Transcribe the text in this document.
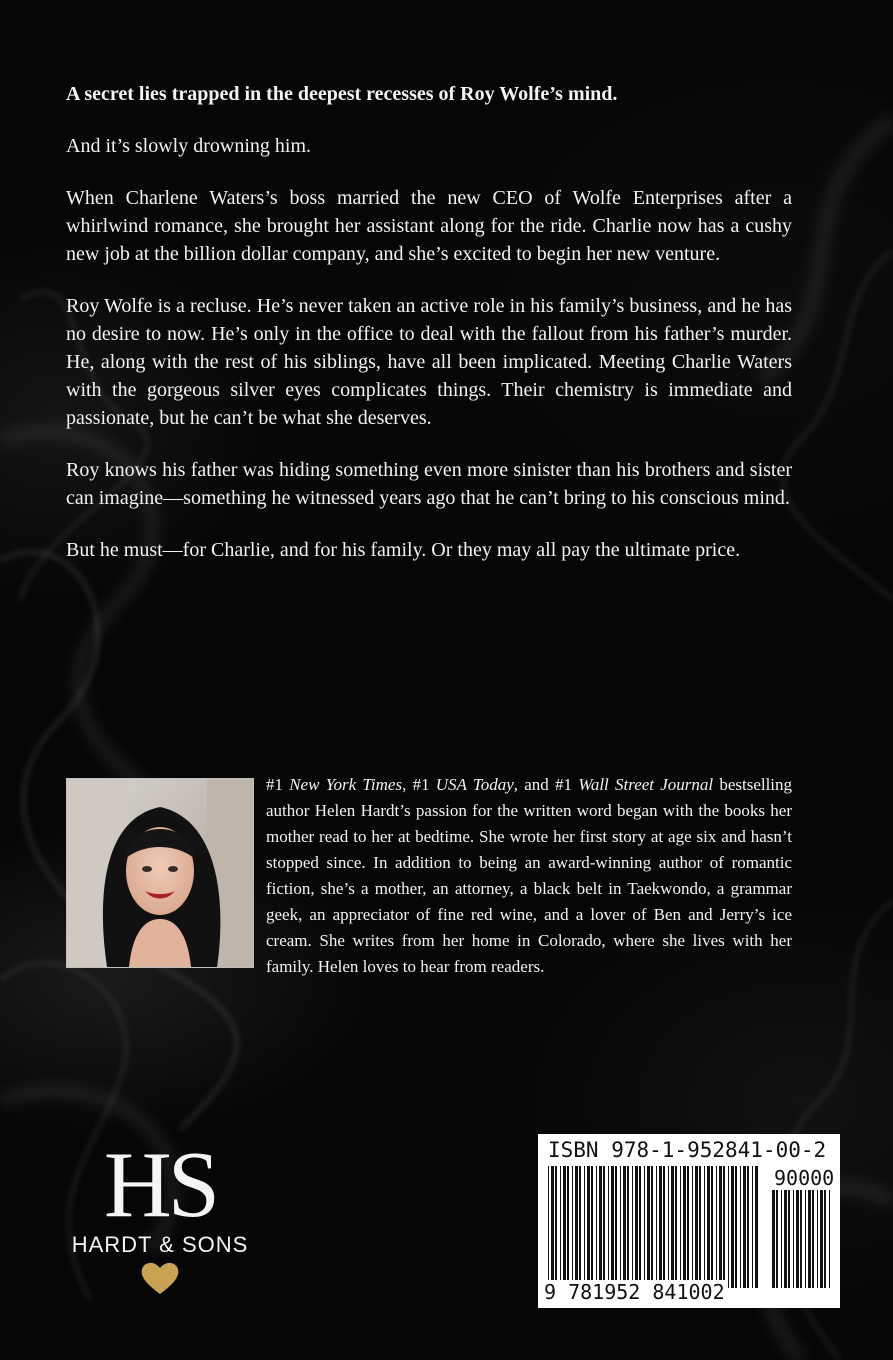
A secret lies trapped in the deepest recesses of Roy Wolfe’s mind.

And it’s slowly drowning him.

When Charlene Waters’s boss married the new CEO of Wolfe Enterprises after a whirlwind romance, she brought her assistant along for the ride. Charlie now has a cushy new job at the billion dollar company, and she’s excited to begin her new venture.

Roy Wolfe is a recluse. He’s never taken an active role in his family’s business, and he has no desire to now. He’s only in the office to deal with the fallout from his father’s murder. He, along with the rest of his siblings, have all been implicated. Meeting Charlie Waters with the gorgeous silver eyes complicates things. Their chemistry is immediate and passionate, but he can’t be what she deserves.

Roy knows his father was hiding something even more sinister than his brothers and sister can imagine—something he witnessed years ago that he can’t bring to his conscious mind.

But he must—for Charlie, and for his family. Or they may all pay the ultimate price.

#1 New York Times, #1 USA Today, and #1 Wall Street Journal bestselling author Helen Hardt’s passion for the written word began with the books her mother read to her at bedtime. She wrote her first story at age six and hasn’t stopped since. In addition to being an award-winning author of romantic fiction, she’s a mother, an attorney, a black belt in Taekwondo, a grammar geek, an appreciator of fine red wine, and a lover of Ben and Jerry’s ice cream. She writes from her home in Colorado, where she lives with her family. Helen loves to hear from readers.

HS
HARDT & SONS
ISBN 978-1-952841-00-2
90000
9 781952 841002
